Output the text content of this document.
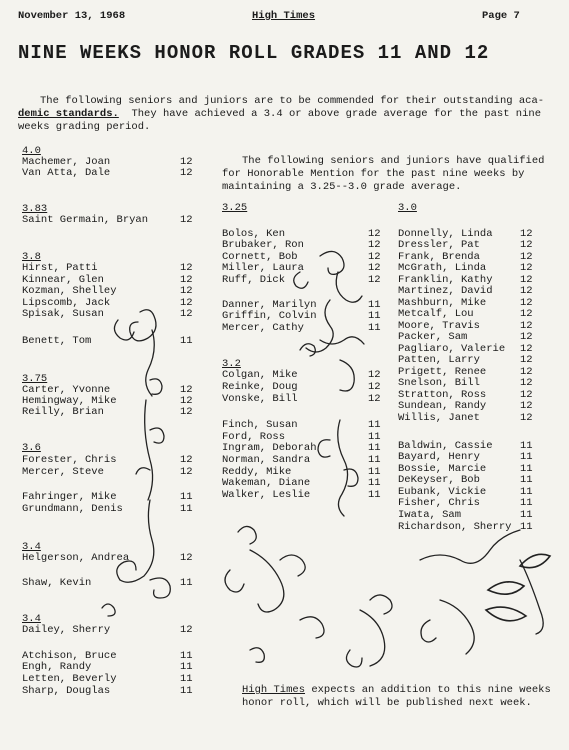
November 13, 1968	High Times	Page 7
NINE WEEKS HONOR ROLL GRADES 11 AND 12
The following seniors and juniors are to be commended for their outstanding aca-
demic standards. They have achieved a 3.4 or above grade average for the past nine
weeks grading period.
The following seniors and juniors have qualified
for Honorable Mention for the past nine weeks by
maintaining a 3.25--3.0 grade average.
4.0
Machemer, Joan	12
Van Atta, Dale	12
3.83
Saint Germain, Bryan	12
3.8
Hirst, Patti	12
Kinnear, Glen	12
Kozman, Shelley	12
Lipscomb, Jack	12
Spisak, Susan	12
Benett, Tom	11
3.75
Carter, Yvonne	12
Hemingway, Mike	12
Reilly, Brian	12
3.6
Forester, Chris	12
Mercer, Steve	12
Fahringer, Mike	11
Grundmann, Denis	11
3.4
Helgerson, Andrea	12
Shaw, Kevin	11
3.4
Dailey, Sherry	12
Atchison, Bruce	11
Engh, Randy	11
Letten, Beverly	11
Sharp, Douglas	11
3.25
Bolos, Ken	12
Brubaker, Ron	12
Cornett, Bob	12
Miller, Laura	12
Ruff, Dick	12
Danner, Marilyn	11
Griffin, Colvin	11
Mercer, Cathy	11
3.2
Colgan, Mike	12
Reinke, Doug	12
Vonske, Bill	12
Finch, Susan	11
Ford, Ross	11
Ingram, Deborah	11
Norman, Sandra	11
Reddy, Mike	11
Wakeman, Diane	11
Walker, Leslie	11
3.0
Donnelly, Linda	12
Dressler, Pat	12
Frank, Brenda	12
McGrath, Linda	12
Franklin, Kathy	12
Martinez, David	12
Mashburn, Mike	12
Metcalf, Lou	12
Moore, Travis	12
Packer, Sam	12
Pagliaro, Valerie 12
Patten, Larry	12
Prigett, Renee	12
Snelson, Bill	12
Stratton, Ross	12
Sundean, Randy	12
Willis, Janet	12
Baldwin, Cassie	11
Bayard, Henry	11
Bossie, Marcie	11
DeKeyser, Bob	11
Eubank, Vickie	11
Fisher, Chris	11
Iwata, Sam	11
Richardson, Sherry 11
High Times expects an addition to this nine weeks
honor roll, which will be published next week.
